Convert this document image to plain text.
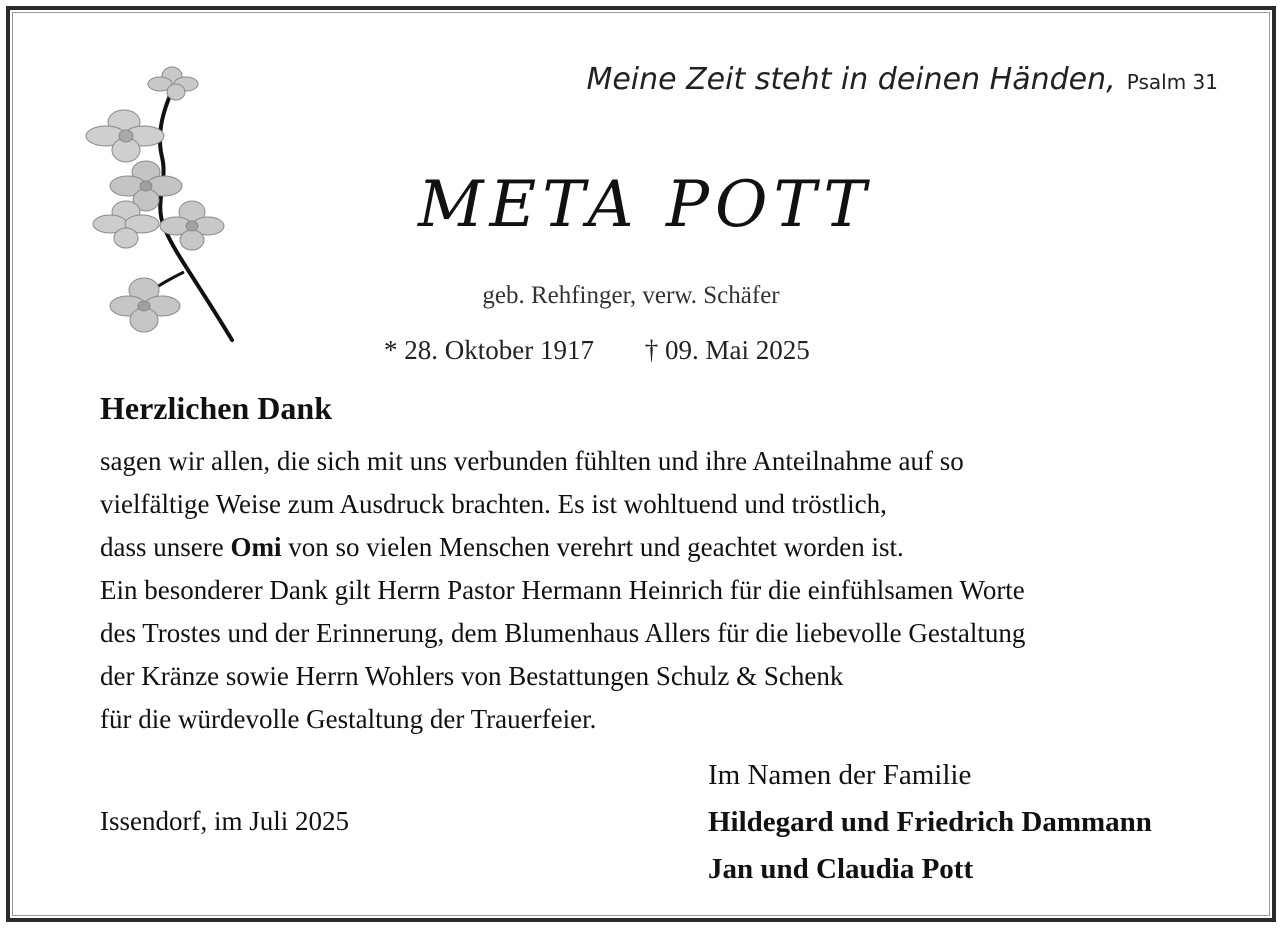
Meine Zeit steht in deinen Händen, Psalm 31
META POTT
geb. Rehfinger, verw. Schäfer
* 28. Oktober 1917 † 09. Mai 2025
Herzlichen Dank
sagen wir allen, die sich mit uns verbunden fühlten und ihre Anteilnahme auf so
vielfältige Weise zum Ausdruck brachten. Es ist wohltuend und tröstlich,
dass unsere Omi von so vielen Menschen verehrt und geachtet worden ist.
Ein besonderer Dank gilt Herrn Pastor Hermann Heinrich für die einfühlsamen Worte
des Trostes und der Erinnerung, dem Blumenhaus Allers für die liebevolle Gestaltung
der Kränze sowie Herrn Wohlers von Bestattungen Schulz & Schenk
für die würdevolle Gestaltung der Trauerfeier.
Issendorf, im Juli 2025
Im Namen der Familie
Hildegard und Friedrich Dammann
Jan und Claudia Pott
